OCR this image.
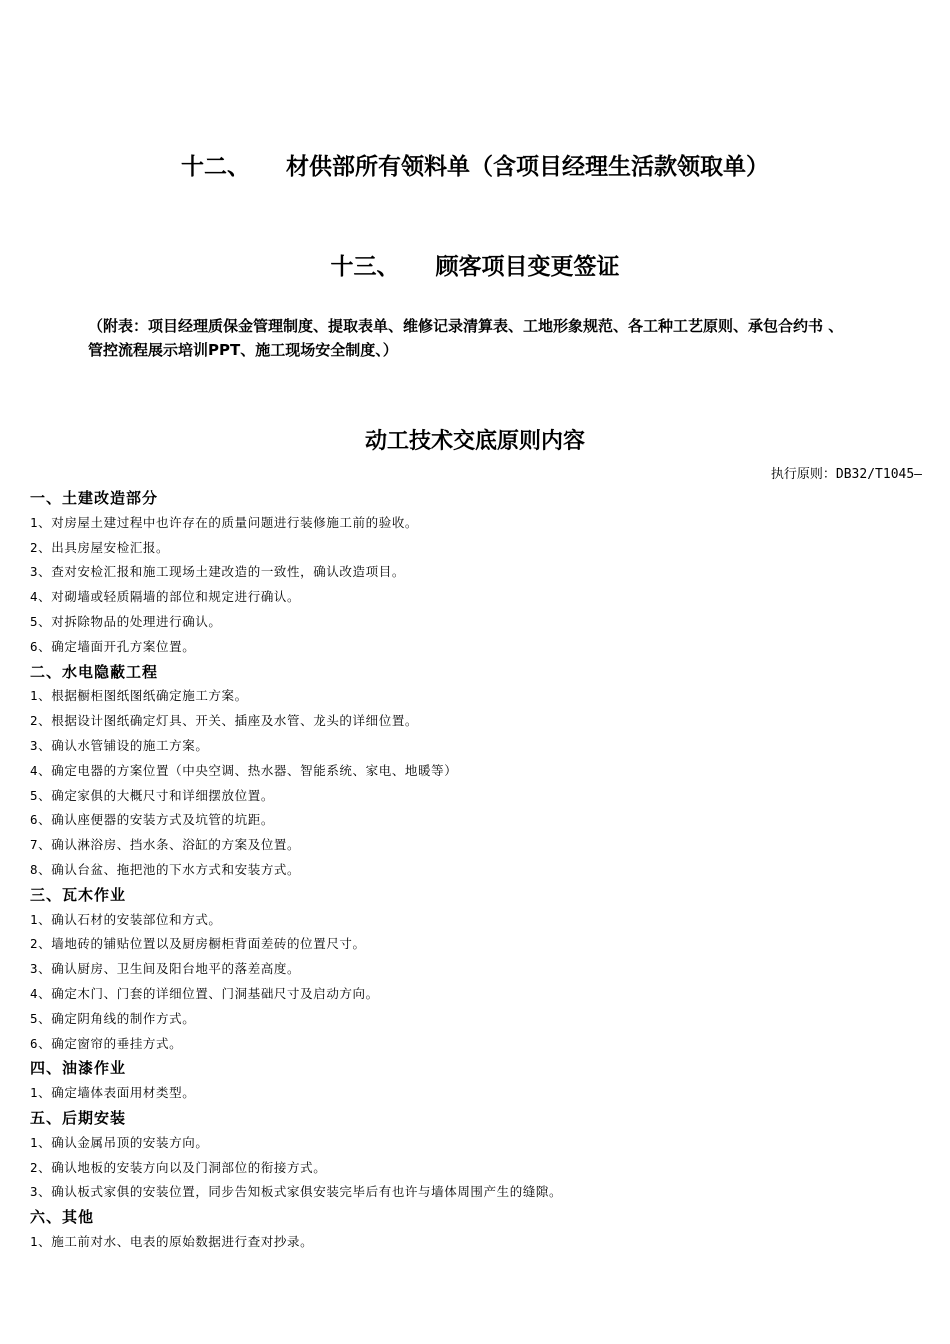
十二、 材供部所有领料单（含项目经理生活款领取单）
十三、 顾客项目变更签证
（附表：项目经理质保金管理制度、提取表单、维修记录清算表、工地形象规范、各工种工艺原则、承包合约书 、
管控流程展示培训PPT、施工现场安全制度、）
动工技术交底原则内容
执行原则：DB32/T1045—
一、土建改造部分
1、对房屋土建过程中也许存在的质量问题进行装修施工前的验收。
2、出具房屋安检汇报。
3、查对安检汇报和施工现场土建改造的一致性，确认改造项目。
4、对砌墙或轻质隔墙的部位和规定进行确认。
5、对拆除物品的处理进行确认。
6、确定墙面开孔方案位置。
二、水电隐蔽工程
1、根据橱柜图纸图纸确定施工方案。
2、根据设计图纸确定灯具、开关、插座及水管、龙头的详细位置。
3、确认水管铺设的施工方案。
4、确定电器的方案位置（中央空调、热水器、智能系统、家电、地暖等）
5、确定家俱的大概尺寸和详细摆放位置。
6、确认座便器的安装方式及坑管的坑距。
7、确认淋浴房、挡水条、浴缸的方案及位置。
8、确认台盆、拖把池的下水方式和安装方式。
三、瓦木作业
1、确认石材的安装部位和方式。
2、墙地砖的铺贴位置以及厨房橱柜背面差砖的位置尺寸。
3、确认厨房、卫生间及阳台地平的落差高度。
4、确定木门、门套的详细位置、门洞基础尺寸及启动方向。
5、确定阴角线的制作方式。
6、确定窗帘的垂挂方式。
四、油漆作业
1、确定墙体表面用材类型。
五、后期安装
1、确认金属吊顶的安装方向。
2、确认地板的安装方向以及门洞部位的衔接方式。
3、确认板式家俱的安装位置，同步告知板式家俱安装完毕后有也许与墙体周围产生的缝隙。
六、其他
1、施工前对水、电表的原始数据进行查对抄录。
